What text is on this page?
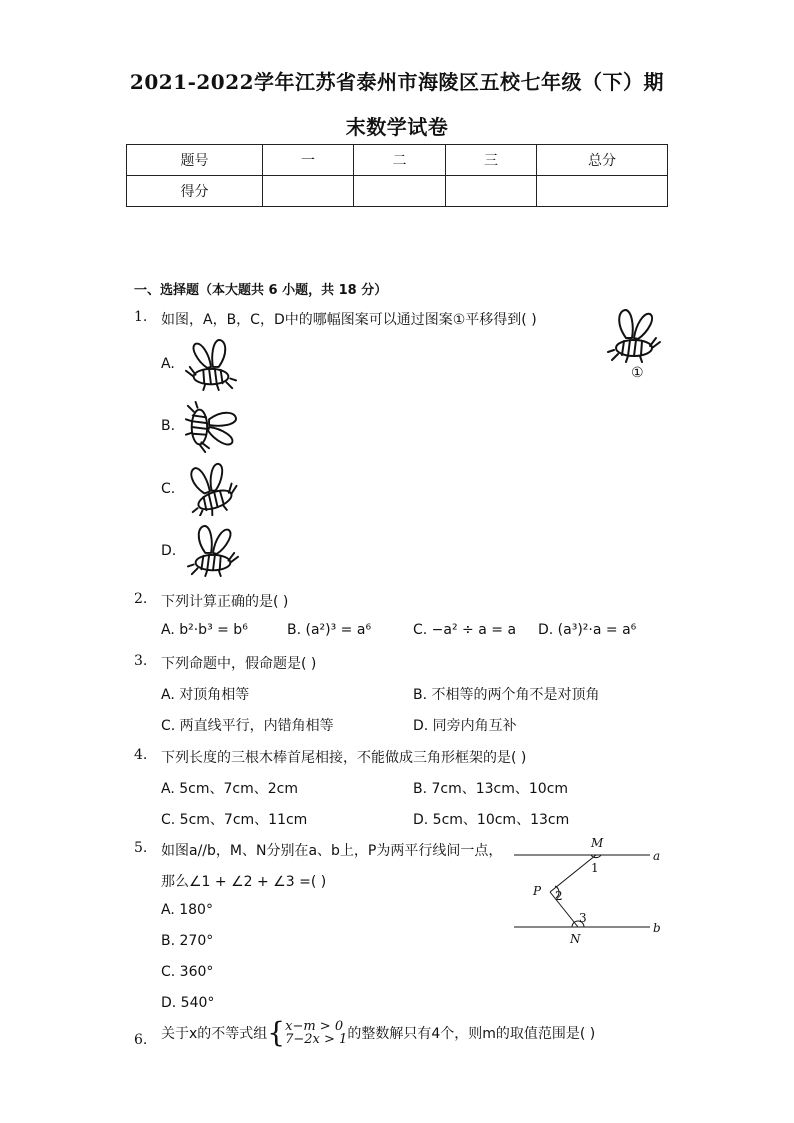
2021-2022学年江苏省泰州市海陵区五校七年级（下）期
末数学试卷
题号	一	二	三	总分
得分				
一、选择题（本大题共 6 小题，共 18 分）
1. 如图，A，B，C，D中的哪幅图案可以通过图案①平移得到( )
①
A.
B.
C.
D.
2. 下列计算正确的是( )
A. b²⋅b³ = b⁶	B. (a²)³ = a⁶	C. −a² ÷ a = a D. (a³)²⋅a = a⁶
3. 下列命题中，假命题是( )
A. 对顶角相等	B. 不相等的两个角不是对顶角
C. 两直线平行，内错角相等	D. 同旁内角互补
4. 下列长度的三根木棒首尾相接，不能做成三角形框架的是( )
A. 5cm、7cm、2cm	B. 7cm、13cm、10cm
C. 5cm、7cm、11cm	D. 5cm、10cm、13cm
5. 如图a//b，M、N分别在a、b上，P为两平行线间一点，
那么∠1 + ∠2 + ∠3 =( )
A. 180°
B. 270°
C. 360°
D. 540°
M
1
P 2
3
N
a
b
6. 关于x的不等式组{ x−m > 0
7−2x > 1 的整数解只有4个，则m的取值范围是( )
